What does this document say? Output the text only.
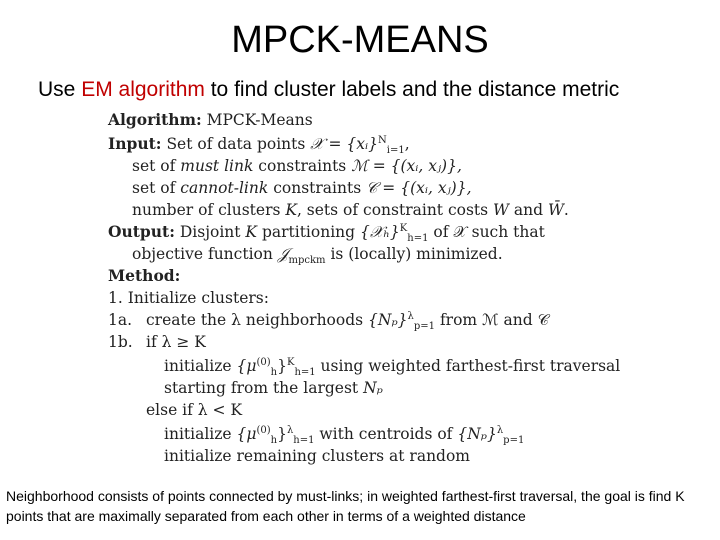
MPCK-MEANS
Use EM algorithm to find cluster labels and the distance metric
Algorithm: MPCK-Means
Input: Set of data points 𝒳 = {xᵢ}$^N_{i=1}$,
set of must link constraints ℳ = {(xᵢ, xⱼ)},
set of cannot-link constraints 𝒞 = {(xᵢ, xⱼ)},
number of clusters K, sets of constraint costs W and W̄.
Output: Disjoint K partitioning {𝒳ₕ}$^K_{h=1}$ of 𝒳 such that
objective function 𝒥$_{mpckm}$ is (locally) minimized.
Method:
1. Initialize clusters:
1a. create the λ neighborhoods $\{N_p\}^\lambda_{p=1}$ from ℳ and 𝒞
1b. if λ ≥ K
initialize $\{\mu^{(0)}_h\}^K_{h=1}$ using weighted farthest-first traversal
starting from the largest Nₚ
else if λ < K
initialize $\{\mu^{(0)}_h\}^\lambda_{h=1}$ with centroids of $\{N_p\}^\lambda_{p=1}$
initialize remaining clusters at random
Neighborhood consists of points connected by must-links; in weighted farthest-first traversal, the goal is find K points that are maximally separated from each other in terms of a weighted distance
